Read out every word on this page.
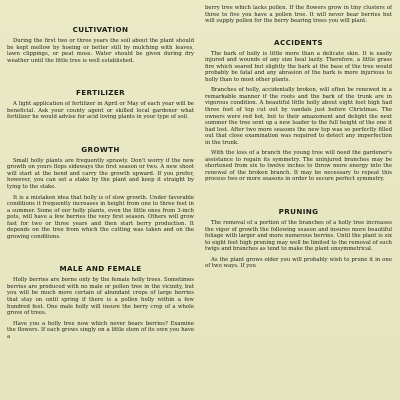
CULTIVATION

During the first two or three years the soil about the plant should be kept mellow by hoeing or better still by mulching with leaves, lawn clippings, or peat moss. Water should be given during dry weather until the little tree is well established.

FERTILIZER

A light application of fertilizer in April or May of each year will be beneficial. Ask your county agent or skilled local gardener what fertilizer he would advise for acid loving plants in your type of soil.

GROWTH

Small holly plants are frequently sprawly. Don't worry if the new growth on yours flops sideways the first season or two. A new shoot will start at the bend and carry the growth upward. If you prefer, however, you can set a stake by the plant and keep it straight by tying to the stake.

It is a mistaken idea that holly is of slow growth. Under favorable conditions it frequently increases in height from one to three feet in a summer. Some of our holly plants, even the little ones from 3-inch pots, will have a few berries the very first season. Others will grow fast for two or three years and then start berry production. It depends on the tree from which the cutting was taken and on the growing conditions.

MALE AND FEMALE

Holly berries are borne only by the female holly trees. Sometimes berries are produced with no male or pollen tree in the vicinity, but you will be much more certain of abundant crops of large berries that stay on until spring if there is a pollen holly within a few hundred feet. One male holly will insure the berry crop of a whole grove of trees.

Have you a holly tree now which never bears berries? Examine the flowers. If each grows singly on a little stem of its own you have a

berry tree which lacks pollen. If the flowers grow in tiny clusters of three to five you have a pollen tree. It will never bear berries but will supply pollen for the berry bearing trees you will plant.

ACCIDENTS

The bark of holly is little more than a delicate skin. It is easily injured and wounds of any size heal lazily. Therefore, a little grass fire which seared but slightly the bark at the base of the tree would probably be fatal and any abrasion of the bark is more injurious to holly than to most other plants.

Branches of holly, accidentally broken, will often be renewed in a remarkable manner if the roots and the bark of the trunk are in vigorous condition. A beautiful little holly about eight feet high had three feet of top cut out by vandals just before Christmas. The owners were red hot, but to their amazement and delight the next summer the tree sent up a new leader to the full height of the one it had lost. After two more seasons the new top was so perfectly filled out that close examination was required to detect any imperfection in the trunk.

With the loss of a branch the young tree will need the gardener's assistance to regain its symmetry. The uninjured branches may be shortened from six to twelve inches to throw more energy into the renewal of the broken branch. It may be necessary to repeat this process two or more seasons in order to secure perfect symmetry.

PRUNING

The removal of a portion of the branches of a holly tree increases the vigor of growth the following season and insures more beautiful foliage with larger and more numerous berries. Until the plant is six to eight feet high pruning may well be limited to the removal of such twigs and branches as tend to make the plant unsymmetrical.

As the plant grows older you will probably wish to prune it in one of two ways. If you
